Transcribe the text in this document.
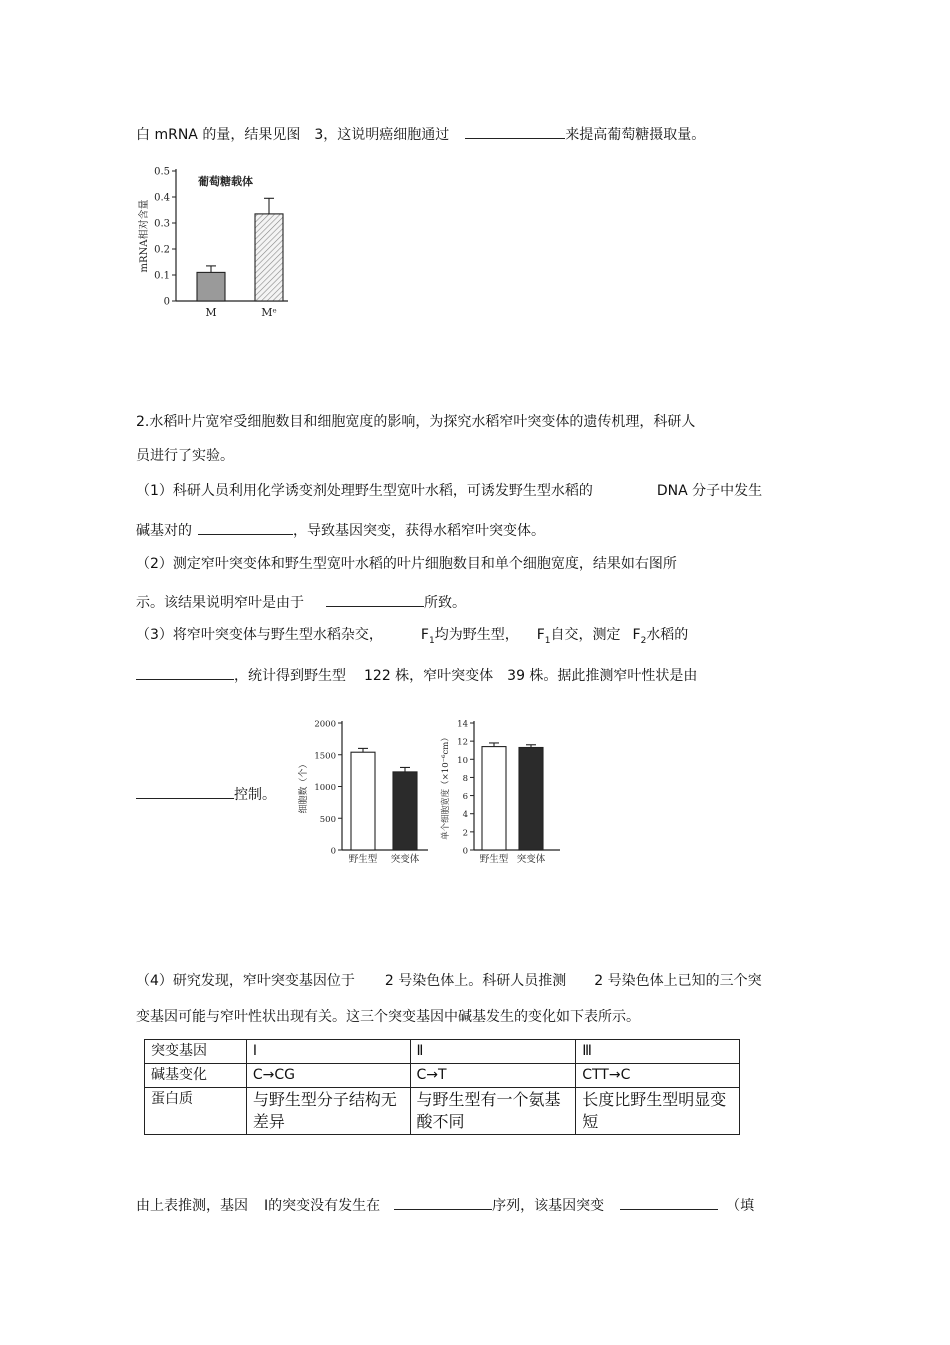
白 mRNA 的量，结果见图 3，这说明癌细胞通过	来提高葡萄糖摄取量。
0
0.1
0.2
0.3
0.4
0.5
M	Mᵉ
mRNA相对含量
葡萄糖载体
2.水稻叶片宽窄受细胞数目和细胞宽度的影响，为探究水稻窄叶突变体的遗传机理，科研人
员进行了实验。
（1）科研人员利用化学诱变剂处理野生型宽叶水稻，可诱发野生型水稻的	DNA 分子中发生
碱基对的	，导致基因突变，获得水稻窄叶突变体。
（2）测定窄叶突变体和野生型宽叶水稻的叶片细胞数目和单个细胞宽度，结果如右图所
示。该结果说明窄叶是由于	所致。
（3）将窄叶突变体与野生型水稻杂交，	$F_1$均为野生型， $F_1$自交，测定 $F_2$水稻的
，统计得到野生型 122 株，窄叶突变体 39 株。据此推测窄叶性状是由
控制。
0
500
1000
1500
2000
野生型 突变体
细胞数（个）
0
2
4
6
8
10
12
14
野生型 突变体
单个细胞宽度（×10⁻⁶cm）
（4）研究发现，窄叶突变基因位于 2 号染色体上。科研人员推测 2 号染色体上已知的三个突
变基因可能与窄叶性状出现有关。这三个突变基因中碱基发生的变化如下表所示。
突变基因	Ⅰ	Ⅱ	Ⅲ
碱基变化	C→CG	C→T	CTT→C
蛋白质	与野生型分子结构无差异	与野生型有一个氨基酸不同	长度比野生型明显变短
由上表推测，基因 Ⅰ的突变没有发生在	序列，该基因突变	（填
